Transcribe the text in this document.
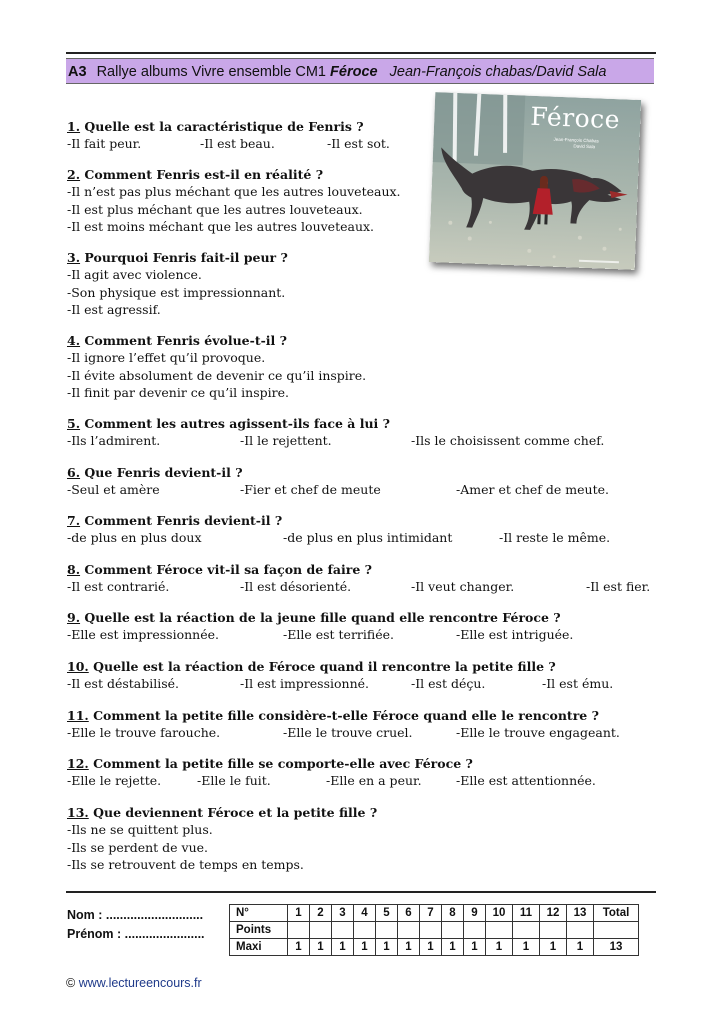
A3 Rallye albums Vivre ensemble CM1 Féroce Jean-François chabas/David Sala
Féroce
Jean-François Chabas
David Sala
1. Quelle est la caractéristique de Fenris ?
-Il fait peur.	-Il est beau.	-Il est sot.
2. Comment Fenris est-il en réalité ?
-Il n’est pas plus méchant que les autres louveteaux.
-Il est plus méchant que les autres louveteaux.
-Il est moins méchant que les autres louveteaux.
3. Pourquoi Fenris fait-il peur ?
-Il agit avec violence.
-Son physique est impressionnant.
-Il est agressif.
4. Comment Fenris évolue-t-il ?
-Il ignore l’effet qu’il provoque.
-Il évite absolument de devenir ce qu’il inspire.
-Il finit par devenir ce qu’il inspire.
5. Comment les autres agissent-ils face à lui ?
-Ils l’admirent.	-Il le rejettent.	-Ils le choisissent comme chef.
6. Que Fenris devient-il ?
-Seul et amère	-Fier et chef de meute	-Amer et chef de meute.
7. Comment Fenris devient-il ?
-de plus en plus doux	-de plus en plus intimidant	-Il reste le même.
8. Comment Féroce vit-il sa façon de faire ?
-Il est contrarié.	-Il est désorienté.	-Il veut changer.	-Il est fier.
9. Quelle est la réaction de la jeune fille quand elle rencontre Féroce ?
-Elle est impressionnée.	-Elle est terrifiée.	-Elle est intriguée.
10. Quelle est la réaction de Féroce quand il rencontre la petite fille ?
-Il est déstabilisé.	-Il est impressionné.	-Il est déçu.	-Il est ému.
11. Comment la petite fille considère-t-elle Féroce quand elle le rencontre ?
-Elle le trouve farouche.	-Elle le trouve cruel.	-Elle le trouve engageant.
12. Comment la petite fille se comporte-elle avec Féroce ?
-Elle le rejette.	-Elle le fuit.	-Elle en a peur.	-Elle est attentionnée.
13. Que deviennent Féroce et la petite fille ?
-Ils ne se quittent plus.
-Ils se perdent de vue.
-Ils se retrouvent de temps en temps.
Nom : ............................
Prénom : .......................
N°	1	2	3	4	5	6	7	8	9	10	11	12	13	Total
Points														
Maxi	1	1	1	1	1	1	1	1	1	1	1	1	1	13
© www.lectureencours.fr
